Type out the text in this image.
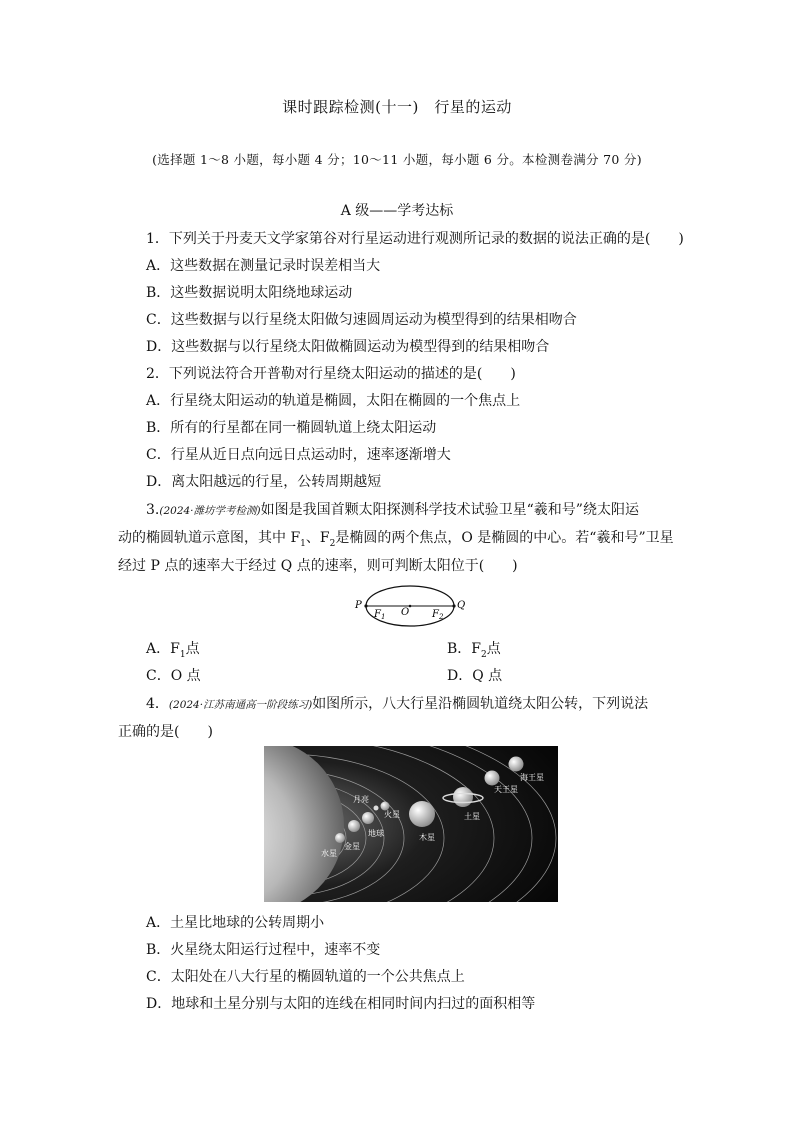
课时跟踪检测(十一)　行星的运动
(选择题 1～8 小题，每小题 4 分；10～11 小题，每小题 6 分。本检测卷满分 70 分)
A 级——学考达标
1．下列关于丹麦天文学家第谷对行星运动进行观测所记录的数据的说法正确的是(　　)
A．这些数据在测量记录时误差相当大
B．这些数据说明太阳绕地球运动
C．这些数据与以行星绕太阳做匀速圆周运动为模型得到的结果相吻合
D．这些数据与以行星绕太阳做椭圆运动为模型得到的结果相吻合
2．下列说法符合开普勒对行星绕太阳运动的描述的是(　　)
A．行星绕太阳运动的轨道是椭圆，太阳在椭圆的一个焦点上
B．所有的行星都在同一椭圆轨道上绕太阳运动
C．行星从近日点向远日点运动时，速率逐渐增大
D．离太阳越远的行星，公转周期越短
3.(2024·潍坊学考检测)如图是我国首颗太阳探测科学技术试验卫星“羲和号”绕太阳运
动的椭圆轨道示意图，其中 $F_1$、$F_2$是椭圆的两个焦点，O 是椭圆的中心。若“羲和号”卫星
经过 P 点的速率大于经过 Q 点的速率，则可判断太阳位于(　　)
P	Q
O
$F_1$	$F_2$
A．$F_1$点	B．$F_2$点
C．O 点	D．Q 点
4．(2024·江苏南通高一阶段练习)如图所示，八大行星沿椭圆轨道绕太阳公转，下列说法
正确的是(　　)
月亮
火星
地球
金星
水星
木星
土星
天王星
海王星
A．土星比地球的公转周期小
B．火星绕太阳运行过程中，速率不变
C．太阳处在八大行星的椭圆轨道的一个公共焦点上
D．地球和土星分别与太阳的连线在相同时间内扫过的面积相等
